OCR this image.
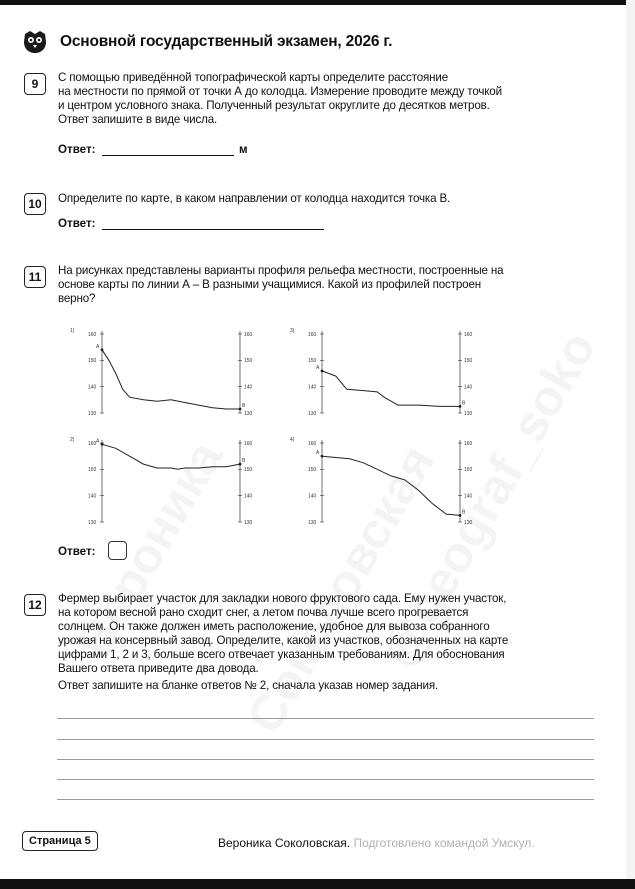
Основной государственный экзамен, 2026 г.
9	С помощью приведённой топографической карты определите расстояние
на местности по прямой от точки А до колодца. Измерение проводите между точкой
и центром условного знака. Полученный результат округлите до десятков метров.
Ответ запишите в виде числа.
Ответ:	м
10	Определите по карте, в каком направлении от колодца находится точка В.
Ответ:
11	На рисунках представлены варианты профиля рельефа местности, построенные на
основе карты по линии А – В разными учащимися. Какой из профилей построен
верно?
1)
160	160
150	150
140	140
130	130
А
В
3)
160	160
150	150
140	140
130	130
А
В
2)
160	160
150	150
140	140
130	130
А
В
4)
160	160
150	150
140	140
130	130
А
В
Ответ:
12	Фермер выбирает участок для закладки нового фруктового сада. Ему нужен участок,
на котором весной рано сходит снег, а летом почва лучше всего прогревается
солнцем. Он также должен иметь расположение, удобное для вывоза собранного
урожая на консервный завод. Определите, какой из участков, обозначенных на карте
цифрами 1, 2 и 3, больше всего отвечает указанным требованиям. Для обоснования
Вашего ответа приведите два довода.
Ответ запишите на бланке ответов № 2, сначала указав номер задания.
Страница 5	Вероника Соколовская. Подготовлено командой Умскул.
